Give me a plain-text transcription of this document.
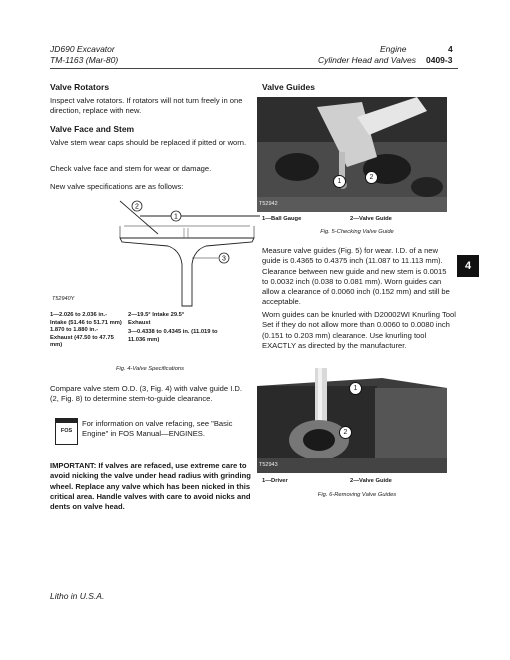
JD690 Excavator
TM-1163 (Mar-80)
Engine	4
Cylinder Head and Valves 0409-3
Valve Rotators
Inspect valve rotators. If rotators will not turn freely in one direction, replace with new.
Valve Face and Stem
Valve stem wear caps should be replaced if pitted or worn.
Check valve face and stem for wear or damage.
New valve specifications are as follows:
2
1
3
T52940Y
1—2.026 to 2.036 in.- Intake (51.46 to 51.71 mm) 1.870 to 1.880 in.- Exhaust (47.50 to 47.75 mm)
2—19.5° Intake 29.5° Exhaust
3—0.4338 to 0.4345 in. (11.019 to 11.036 mm)
Fig. 4-Valve Specifications
Compare valve stem O.D. (3, Fig. 4) with valve guide I.D. (2, Fig. 8) to determine stem-to-guide clearance.
FOS
For information on valve refacing, see "Basic Engine" in FOS Manual—ENGINES.
IMPORTANT: If valves are refaced, use extreme care to avoid nicking the valve under head radius with grinding wheel. Replace any valve which has been nicked in this critical area. Handle valves with care to avoid nicks and dents on valve head.
Valve Guides
1
2
T52942
1—Ball Gauge	2—Valve Guide
Fig. 5-Checking Valve Guide
Measure valve guides (Fig. 5) for wear. I.D. of a new guide is 0.4365 to 0.4375 inch (11.087 to 11.113 mm). Clearance between new guide and new stem is 0.0015 to 0.0032 inch (0.038 to 0.081 mm). Worn guides can allow a clearance of 0.0060 inch (0.152 mm) and still be acceptable.
4
Worn guides can be knurled with D20002WI Knurling Tool Set if they do not allow more than 0.0060 to 0.0080 inch (0.151 to 0.203 mm) clearance. Use knurling tool EXACTLY as directed by the manufacturer.
1
2
T52943
1—Driver	2—Valve Guide
Fig. 6-Removing Valve Guides
Litho in U.S.A.
